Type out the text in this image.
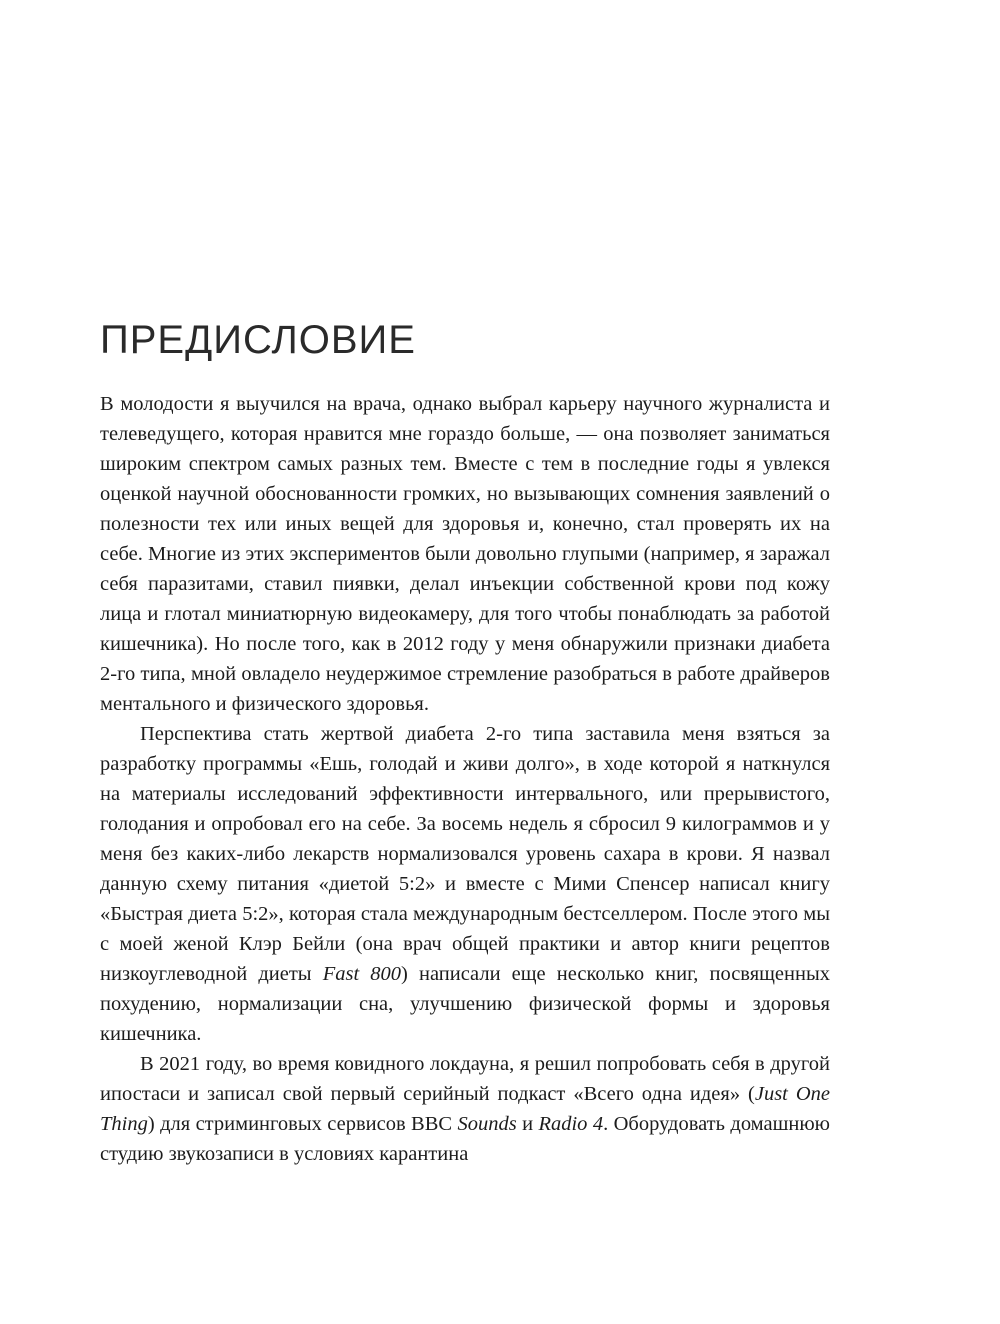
ПРЕДИСЛОВИЕ

В молодости я выучился на врача, однако выбрал карьеру научного журналиста и телеведущего, которая нравится мне гораздо больше, — она позволяет заниматься широким спектром самых разных тем. Вместе с тем в последние годы я увлекся оценкой научной обоснованности громких, но вызывающих сомнения заявлений о полезности тех или иных вещей для здоровья и, конечно, стал проверять их на себе. Многие из этих экспериментов были довольно глупыми (например, я заражал себя паразитами, ставил пиявки, делал инъекции собственной крови под кожу лица и глотал миниатюрную видеокамеру, для того чтобы понаблюдать за работой кишечника). Но после того, как в 2012 году у меня обнаружили признаки диабета 2-го типа, мной овладело неудержимое стремление разобраться в работе драйверов ментального и физического здоровья.

Перспектива стать жертвой диабета 2-го типа заставила меня взяться за разработку программы «Ешь, голодай и живи долго», в ходе которой я наткнулся на материалы исследований эффективности интервального, или прерывистого, голодания и опробовал его на себе. За восемь недель я сбросил 9 килограммов и у меня без каких-либо лекарств нормализовался уровень сахара в крови. Я назвал данную схему питания «диетой 5:2» и вместе с Мими Спенсер написал книгу «Быстрая диета 5:2», которая стала международным бестселлером. После этого мы с моей женой Клэр Бейли (она врач общей практики и автор книги рецептов низкоуглеводной диеты Fast 800) написали еще несколько книг, посвященных похудению, нормализации сна, улучшению физической формы и здоровья кишечника.

В 2021 году, во время ковидного локдауна, я решил попробовать себя в другой ипостаси и записал свой первый серийный подкаст «Всего одна идея» (Just One Thing) для стриминговых сервисов BBC Sounds и Radio 4. Оборудовать домашнюю студию звукозаписи в условиях карантина
